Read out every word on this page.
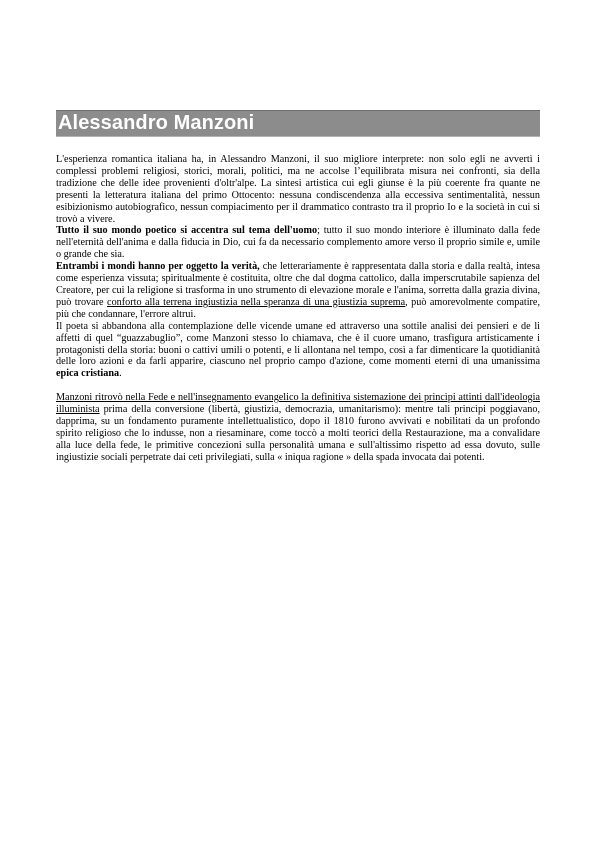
Alessandro Manzoni

L'esperienza romantica italiana ha, in Alessandro Manzoni, il suo migliore interprete: non solo egli ne avvertì i complessi problemi religiosi, storici, morali, politici, ma ne accolse l’equilibrata misura nei confronti, sia della tradizione che delle idee provenienti d'oltr'alpe. La sintesi artistica cui egli giunse è la più coerente fra quante ne presenti la letteratura italiana del primo Ottocento: nessuna condiscendenza alla eccessiva sentimentalità, nessun esibizionismo autobiografico, nessun compiacimento per il drammatico contrasto tra il proprio Io e la società in cui si trovò a vivere.

Tutto il suo mondo poetico si accentra sul tema dell'uomo; tutto il suo mondo interiore è illuminato dalla fede nell'eternità dell'anima e dalla fiducia in Dio, cui fa da necessario complemento amore verso il proprio simile e, umile o grande che sia.

Entrambi i mondi hanno per oggetto la verità, che letterariamente è rappresentata dalla storia e dalla realtà, intesa come esperienza vissuta; spiritualmente è costituita, oltre che dal dogma cattolico, dalla imperscrutabile sapienza del Creatore, per cui la religione si trasforma in uno strumento di elevazione morale e l'anima, sorretta dalla grazia divina, può trovare conforto alla terrena ingiustizia nella speranza di una giustizia suprema, può amorevolmente compatire, più che condannare, l'errore altrui.

Il poeta si abbandona alla contemplazione delle vicende umane ed attraverso una sottile analisi dei pensieri e de li affetti di quel “guazzabuglio”, come Manzoni stesso lo chiamava, che è il cuore umano, trasfigura artisticamente i protagonisti della storia: buoni o cattivi umili o potenti, e li allontana nel tempo, così a far dimenticare la quotidianità delle loro azioni e da farli apparire, ciascuno nel proprio campo d'azione, come momenti eterni di una umanissima epica cristiana.

Manzoni ritrovò nella Fede e nell'insegnamento evangelico la definitiva sistemazione dei princìpi attinti dall'ideologia illuminista prima della conversione (libertà, giustizia, democrazia, umanitarismo): mentre tali princìpi poggiavano, dapprima, su un fondamento puramente intellettualistico, dopo il 1810 furono avvivati e nobilitati da un profondo spirito religioso che lo indusse, non a riesaminare, come toccò a molti teorici della Restaurazione, ma a convalidare alla luce della fede, le primitive concezioni sulla personalità umana e sull'altissimo rispetto ad essa dovuto, sulle ingiustizie sociali perpetrate dai ceti privilegiati, sulla « iniqua ragione » della spada invocata dai potenti.
